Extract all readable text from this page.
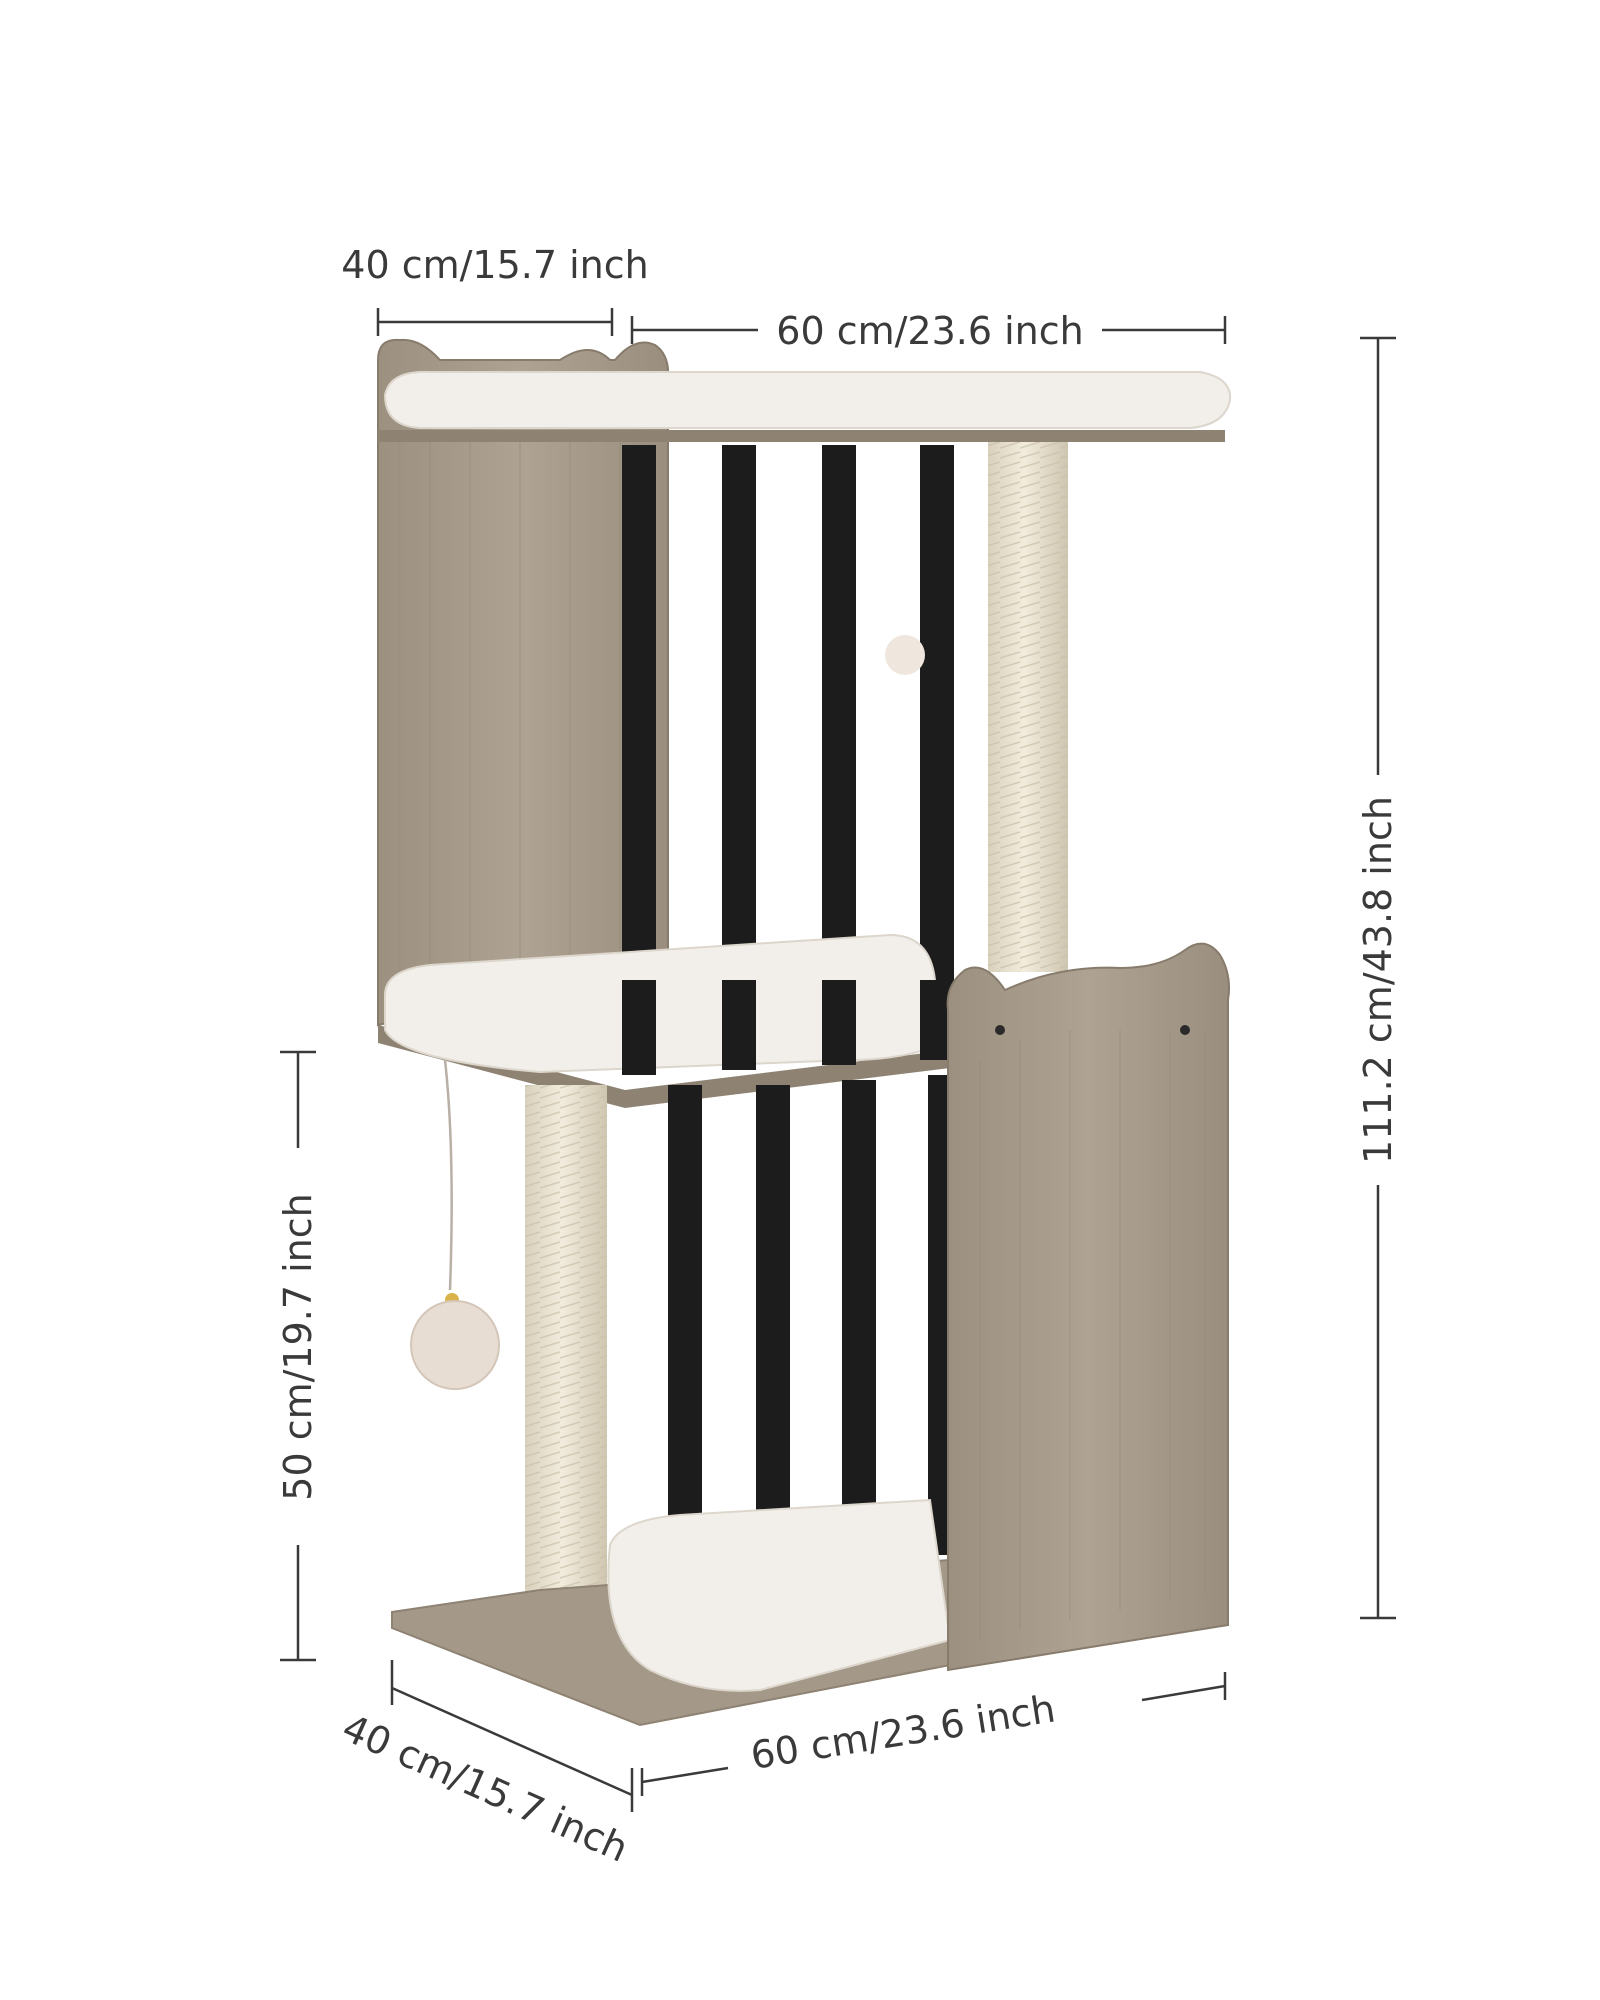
40 cm/15.7 inch
60 cm/23.6 inch
111.2 cm/43.8 inch
50 cm/19.7 inch
40 cm/15.7 inch	60 cm/23.6 inch
